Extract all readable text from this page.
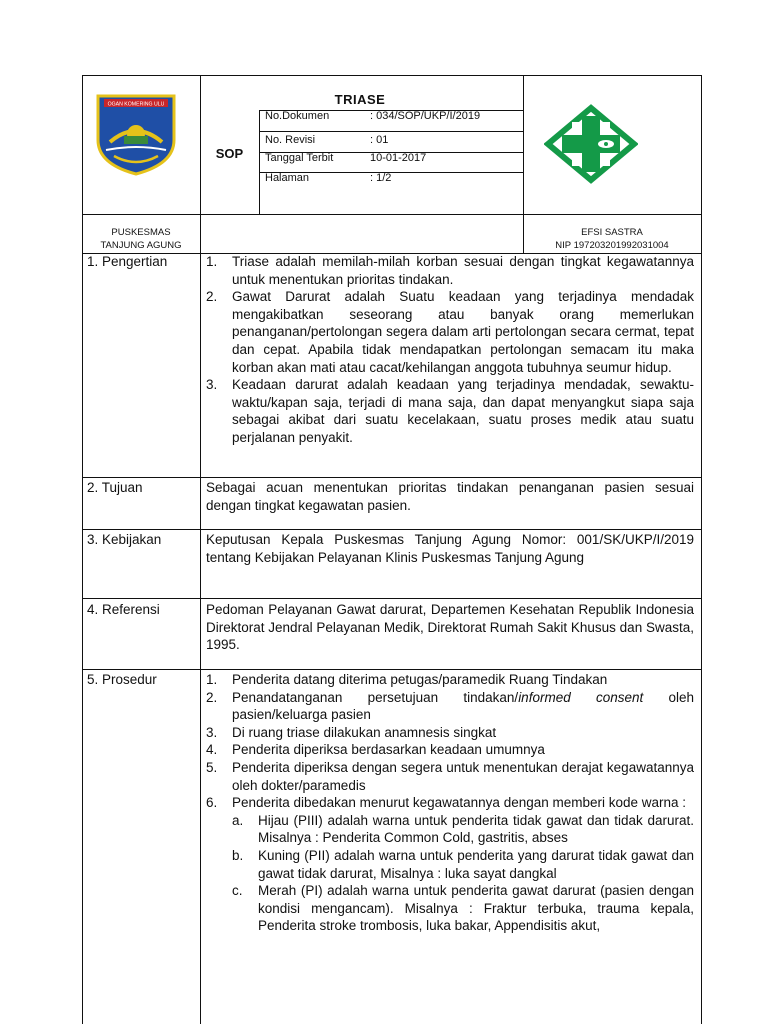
OGAN KOMERING ULU	TRIASE
SOP
No.Dokumen	: 034/SOP/UKP/I/2019
No. Revisi	: 01
Tanggal Terbit	10-01-2017
Halaman	: 1/2
PUSKESMAS
TANJUNG AGUNG
EFSI SASTRA
NIP 197203201992031004
1. Pengertian	1. Triase adalah memilah-milah korban sesuai dengan tingkat kegawatannya untuk menentukan prioritas tindakan.
2. Gawat Darurat adalah Suatu keadaan yang terjadinya mendadak mengakibatkan seseorang atau banyak orang memerlukan penanganan/pertolongan segera dalam arti pertolongan secara cermat, tepat dan cepat. Apabila tidak mendapatkan pertolongan semacam itu maka korban akan mati atau cacat/kehilangan anggota tubuhnya seumur hidup.
3. Keadaan darurat adalah keadaan yang terjadinya mendadak, sewaktu-waktu/kapan saja, terjadi di mana saja, dan dapat menyangkut siapa saja sebagai akibat dari suatu kecelakaan, suatu proses medik atau suatu perjalanan penyakit.
2. Tujuan	Sebagai acuan menentukan prioritas tindakan penanganan pasien sesuai dengan tingkat kegawatan pasien.
3. Kebijakan	Keputusan Kepala Puskesmas Tanjung Agung Nomor: 001/SK/UKP/I/2019 tentang Kebijakan Pelayanan Klinis Puskesmas Tanjung Agung
4. Referensi	Pedoman Pelayanan Gawat darurat, Departemen Kesehatan Republik Indonesia Direktorat Jendral Pelayanan Medik, Direktorat Rumah Sakit Khusus dan Swasta, 1995.
5. Prosedur	1. Penderita datang diterima petugas/paramedik Ruang Tindakan
2. Penandatanganan persetujuan tindakan/informed consent oleh pasien/keluarga pasien
3. Di ruang triase dilakukan anamnesis singkat
4. Penderita diperiksa berdasarkan keadaan umumnya
5. Penderita diperiksa dengan segera untuk menentukan derajat kegawatannya oleh dokter/paramedis
6. Penderita dibedakan menurut kegawatannya dengan memberi kode warna :
a. Hijau (PIII) adalah warna untuk penderita tidak gawat dan tidak darurat. Misalnya : Penderita Common Cold, gastritis, abses
b. Kuning (PII) adalah warna untuk penderita yang darurat tidak gawat dan gawat tidak darurat, Misalnya : luka sayat dangkal
c. Merah (PI) adalah warna untuk penderita gawat darurat (pasien dengan kondisi mengancam). Misalnya : Fraktur terbuka, trauma kepala, Penderita stroke trombosis, luka bakar, Appendisitis akut,
